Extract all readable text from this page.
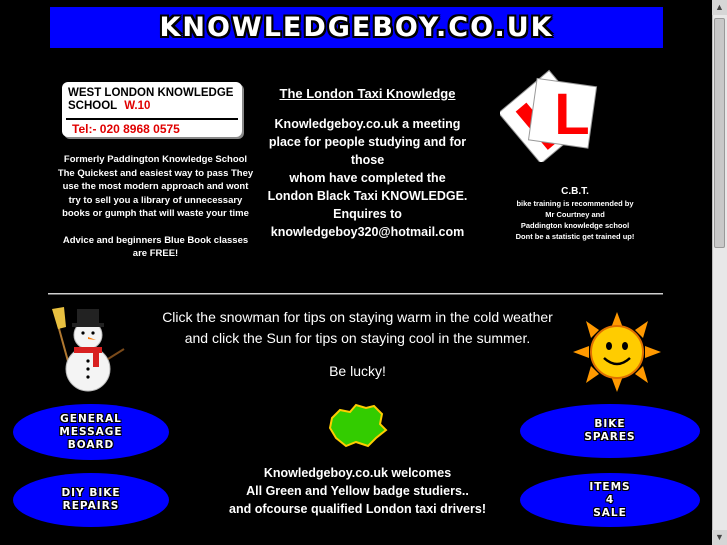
KNOWLEDGEBOY.CO.UK
WEST LONDON KNOWLEDGE
SCHOOL W.10
Tel:- 020 8968 0575
Formerly Paddington Knowledge School
The Quickest and easiest way to pass They
use the most modern approach and wont
try to sell you a library of unnecessary
books or gumph that will waste your time
Advice and beginners Blue Book classes
are FREE!
The London Taxi Knowledge
Knowledgeboy.co.uk a meeting
place for people studying and for
those
whom have completed the
London Black Taxi KNOWLEDGE.
Enquires to
knowledgeboy320@hotmail.com
L
C.B.T.
bike training is recommended by
Mr Courtney and
Paddington knowledge school
Dont be a statistic get trained up!
Click the snowman for tips on staying warm in the cold weather
and click the Sun for tips on staying cool in the summer.
Be lucky!
GENERAL
MESSAGE
BOARD
BIKE
SPARES
DIY BIKE
REPAIRS
ITEMS
4
SALE
Knowledgeboy.co.uk welcomes
All Green and Yellow badge studiers..
and ofcourse qualified London taxi drivers!
▲
▼
